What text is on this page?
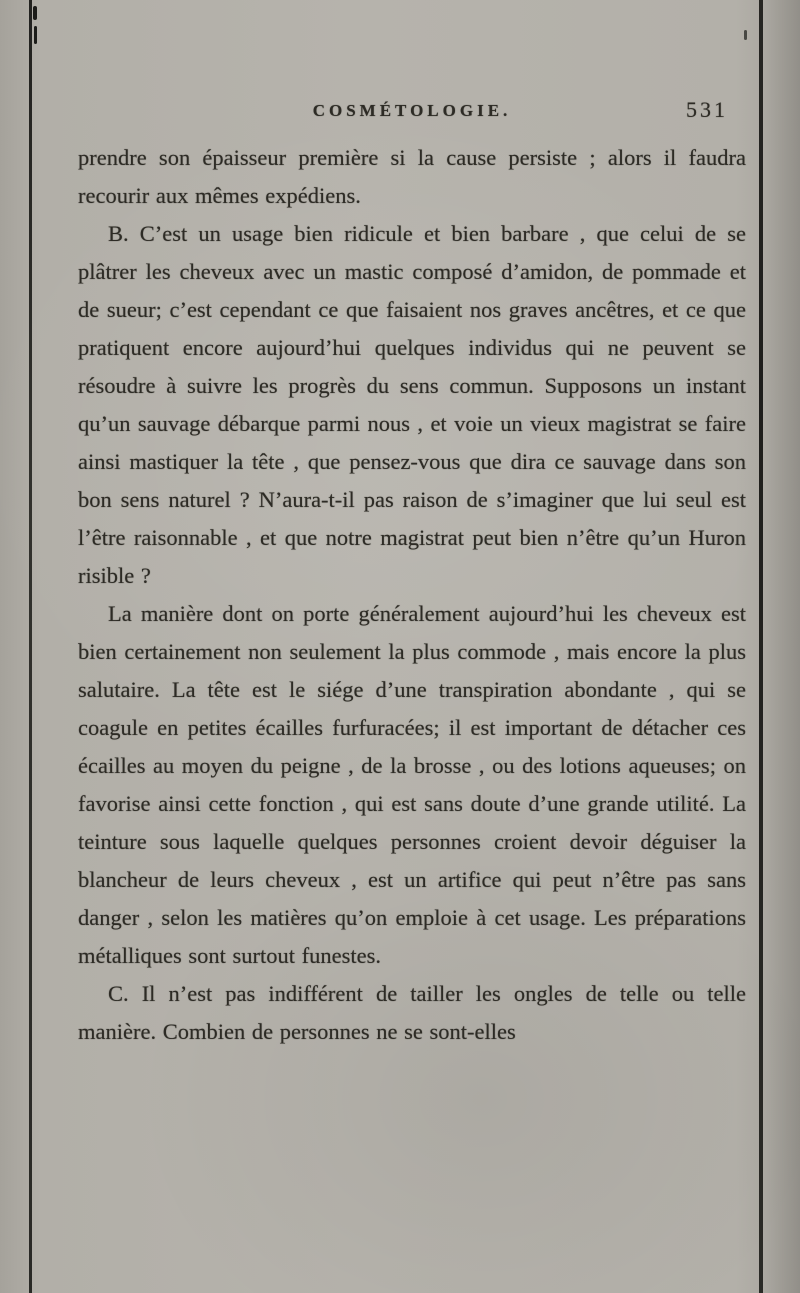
COSMÉTOLOGIE.	531

prendre son épaisseur première si la cause persiste ; alors il faudra recourir aux mêmes expédiens.

B. C’est un usage bien ridicule et bien barbare , que celui de se plâtrer les cheveux avec un mastic composé d’amidon, de pommade et de sueur; c’est cependant ce que faisaient nos graves ancêtres, et ce que pratiquent encore aujourd’hui quelques individus qui ne peuvent se résoudre à suivre les progrès du sens commun. Supposons un instant qu’un sauvage débarque parmi nous , et voie un vieux magistrat se faire ainsi mastiquer la tête , que pensez-vous que dira ce sauvage dans son bon sens naturel ? N’aura-t-il pas raison de s’imaginer que lui seul est l’être raisonnable , et que notre magistrat peut bien n’être qu’un Huron risible ?

La manière dont on porte généralement aujourd’hui les cheveux est bien certainement non seulement la plus commode , mais encore la plus salutaire. La tête est le siége d’une transpiration abondante , qui se coagule en petites écailles furfuracées; il est important de détacher ces écailles au moyen du peigne , de la brosse , ou des lotions aqueuses; on favorise ainsi cette fonction , qui est sans doute d’une grande utilité. La teinture sous laquelle quelques personnes croient devoir déguiser la blancheur de leurs cheveux , est un artifice qui peut n’être pas sans danger , selon les matières qu’on emploie à cet usage. Les préparations métalliques sont surtout funestes.

C. Il n’est pas indifférent de tailler les ongles de telle ou telle manière. Combien de personnes ne se sont-elles
